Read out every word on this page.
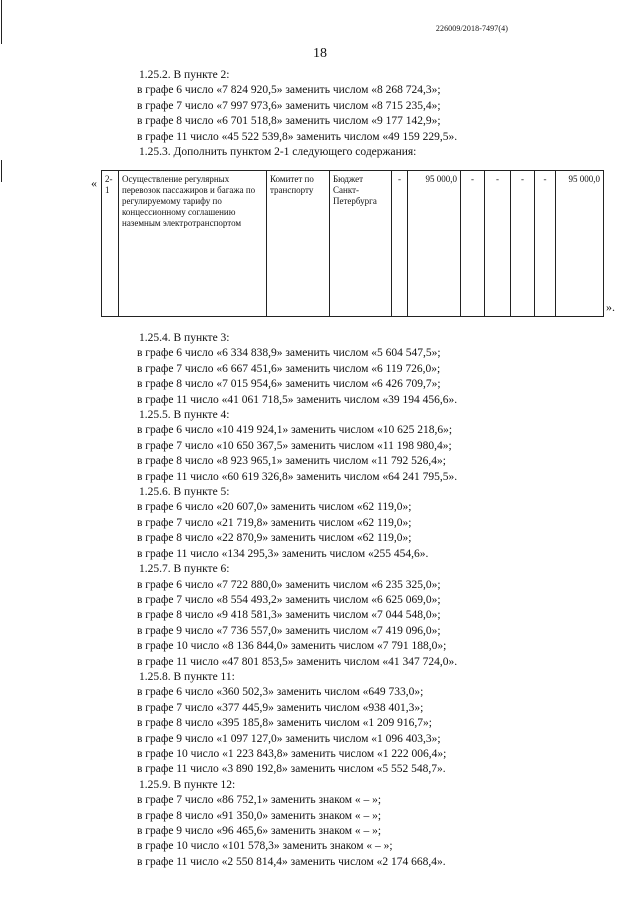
226009/2018-7497(4)
18
1.25.2. В пункте 2:
в графе 6 число «7 824 920,5» заменить числом «8 268 724,3»;
в графе 7 число «7 997 973,6» заменить числом «8 715 235,4»;
в графе 8 число «6 701 518,8» заменить числом «9 177 142,9»;
в графе 11 число «45 522 539,8» заменить числом «49 159 229,5».
1.25.3. Дополнить пунктом 2-1 следующего содержания:
« 2-1	Осуществление регулярных перевозок пассажиров и багажа по регулируемому тарифу по концессионному соглашению наземным электротранспортом	Комитет по транспорту	Бюджет Санкт-Петербурга	-	95 000,0	-	-	-	-	95 000,0
».
1.25.4. В пункте 3:
в графе 6 число «6 334 838,9» заменить числом «5 604 547,5»;
в графе 7 число «6 667 451,6» заменить числом «6 119 726,0»;
в графе 8 число «7 015 954,6» заменить числом «6 426 709,7»;
в графе 11 число «41 061 718,5» заменить числом «39 194 456,6».
1.25.5. В пункте 4:
в графе 6 число «10 419 924,1» заменить числом «10 625 218,6»;
в графе 7 число «10 650 367,5» заменить числом «11 198 980,4»;
в графе 8 число «8 923 965,1» заменить числом «11 792 526,4»;
в графе 11 число «60 619 326,8» заменить числом «64 241 795,5».
1.25.6. В пункте 5:
в графе 6 число «20 607,0» заменить числом «62 119,0»;
в графе 7 число «21 719,8» заменить числом «62 119,0»;
в графе 8 число «22 870,9» заменить числом «62 119,0»;
в графе 11 число «134 295,3» заменить числом «255 454,6».
1.25.7. В пункте 6:
в графе 6 число «7 722 880,0» заменить числом «6 235 325,0»;
в графе 7 число «8 554 493,2» заменить числом «6 625 069,0»;
в графе 8 число «9 418 581,3» заменить числом «7 044 548,0»;
в графе 9 число «7 736 557,0» заменить числом «7 419 096,0»;
в графе 10 число «8 136 844,0» заменить числом «7 791 188,0»;
в графе 11 число «47 801 853,5» заменить числом «41 347 724,0».
1.25.8. В пункте 11:
в графе 6 число «360 502,3» заменить числом «649 733,0»;
в графе 7 число «377 445,9» заменить числом «938 401,3»;
в графе 8 число «395 185,8» заменить числом «1 209 916,7»;
в графе 9 число «1 097 127,0» заменить числом «1 096 403,3»;
в графе 10 число «1 223 843,8» заменить числом «1 222 006,4»;
в графе 11 число «3 890 192,8» заменить числом «5 552 548,7».
1.25.9. В пункте 12:
в графе 7 число «86 752,1» заменить знаком « – »;
в графе 8 число «91 350,0» заменить знаком « – »;
в графе 9 число «96 465,6» заменить знаком « – »;
в графе 10 число «101 578,3» заменить знаком « – »;
в графе 11 число «2 550 814,4» заменить числом «2 174 668,4».
